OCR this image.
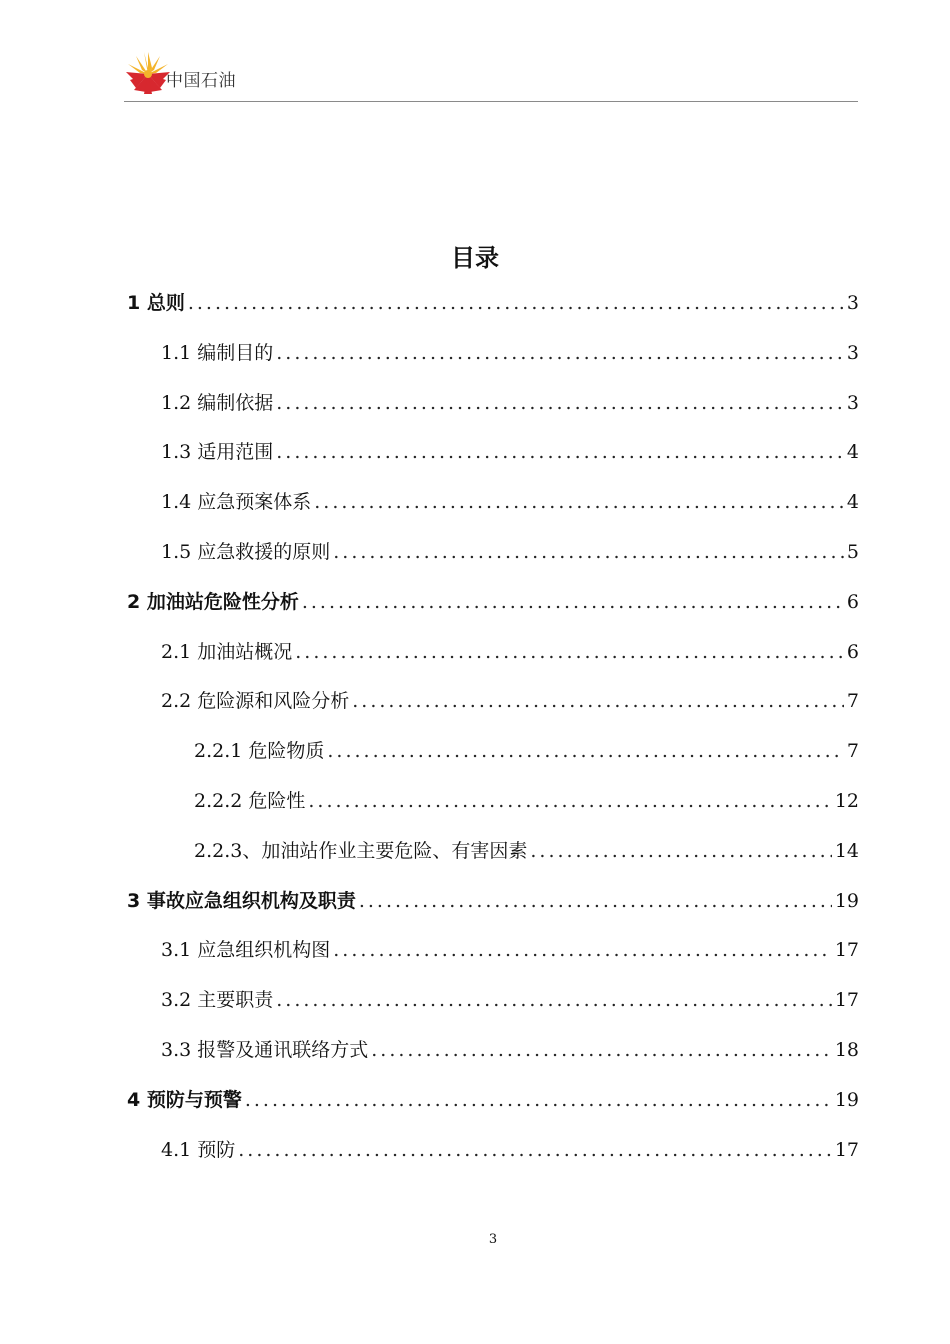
中国石油
目录
1 总则 .....	3
1.1 编制目的 .....	3
1.2 编制依据 .....	3
1.3 适用范围 .....	4
1.4 应急预案体系 .....	4
1.5 应急救援的原则 .....	5
2 加油站危险性分析 .....	6
2.1 加油站概况 .....	6
2.2 危险源和风险分析 .....	7
2.2.1 危险物质 .....	7
2.2.2 危险性 .....	12
2.2.3、加油站作业主要危险、有害因素 .....	14
3 事故应急组织机构及职责 .....	19
3.1 应急组织机构图 .....	17
3.2 主要职责 .....	17
3.3 报警及通讯联络方式 .....	18
4 预防与预警 .....	19
4.1 预防 .....	17
3
